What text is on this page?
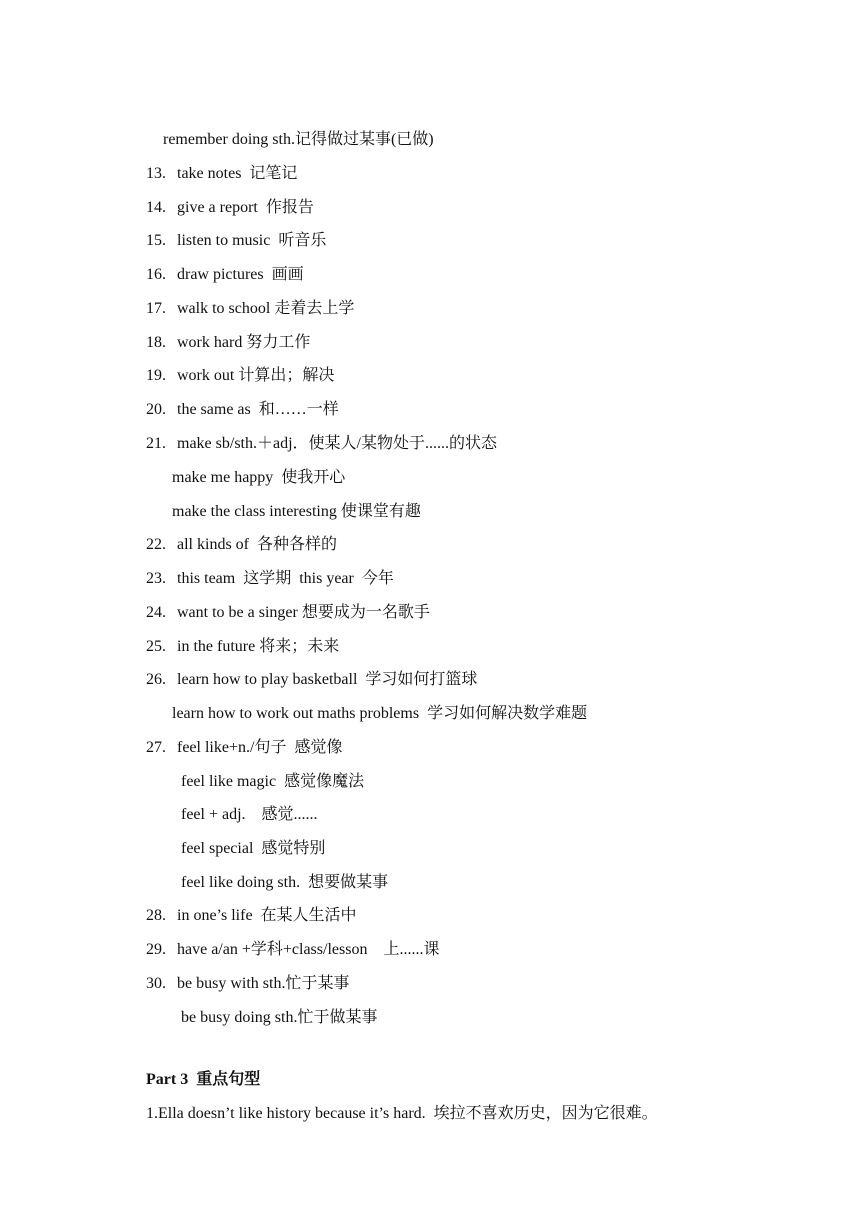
remember doing sth.记得做过某事(已做)

13. take notes  记笔记

14. give a report  作报告

15. listen to music  听音乐

16. draw pictures  画画

17. walk to school 走着去上学

18. work hard 努力工作

19. work out 计算出；解决

20. the same as  和……一样

21. make sb/sth.＋adj．使某人/某物处于......的状态

make me happy  使我开心

make the class interesting 使课堂有趣

22. all kinds of  各种各样的

23. this team  这学期  this year  今年

24. want to be a singer 想要成为一名歌手

25. in the future 将来；未来

26. learn how to play basketball  学习如何打篮球

learn how to work out maths problems  学习如何解决数学难题

27. feel like+n./句子  感觉像

feel like magic  感觉像魔法

feel + adj.    感觉......

feel special  感觉特别

feel like doing sth.  想要做某事

28. in one’s life  在某人生活中

29. have a/an +学科+class/lesson    上......课

30. be busy with sth.忙于某事

be busy doing sth.忙于做某事

Part 3  重点句型

1.Ella doesn’t like history because it’s hard.  埃拉不喜欢历史，因为它很难。
